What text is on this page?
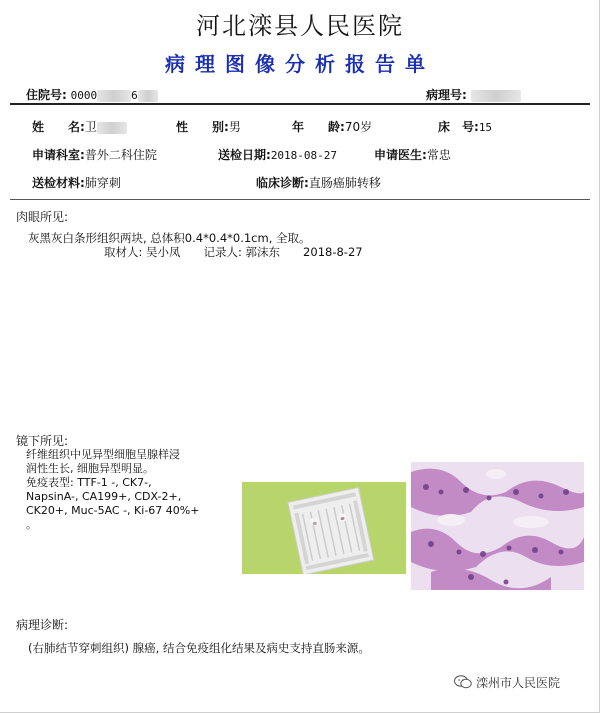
河北滦县人民医院
病理图像分析报告单
住院号: 0000	6	病理号:
姓　　名:卫	性　　别:男	年　　龄:70岁	床　号:15
申请科室:普外二科住院	送检日期:2018-08-27	申请医生:常忠
送检材料:肺穿刺	临床诊断:直肠癌肺转移
肉眼所见:
灰黑灰白条形组织两块, 总体积0.4*0.4*0.1cm, 全取。
取材人: 吴小凤　　记录人: 郭沫东　　2018-8-27
镜下所见:
纤维组织中见异型细胞呈腺样浸
润性生长, 细胞异型明显。
免疫表型: TTF-1 -, CK7-,
NapsinA-, CA199+, CDX-2+,
CK20+, Muc-5AC -, Ki-67 40%+
。
病理诊断:
(右肺结节穿刺组织) 腺癌, 结合免疫组化结果及病史支持直肠来源。
滦州市人民医院
